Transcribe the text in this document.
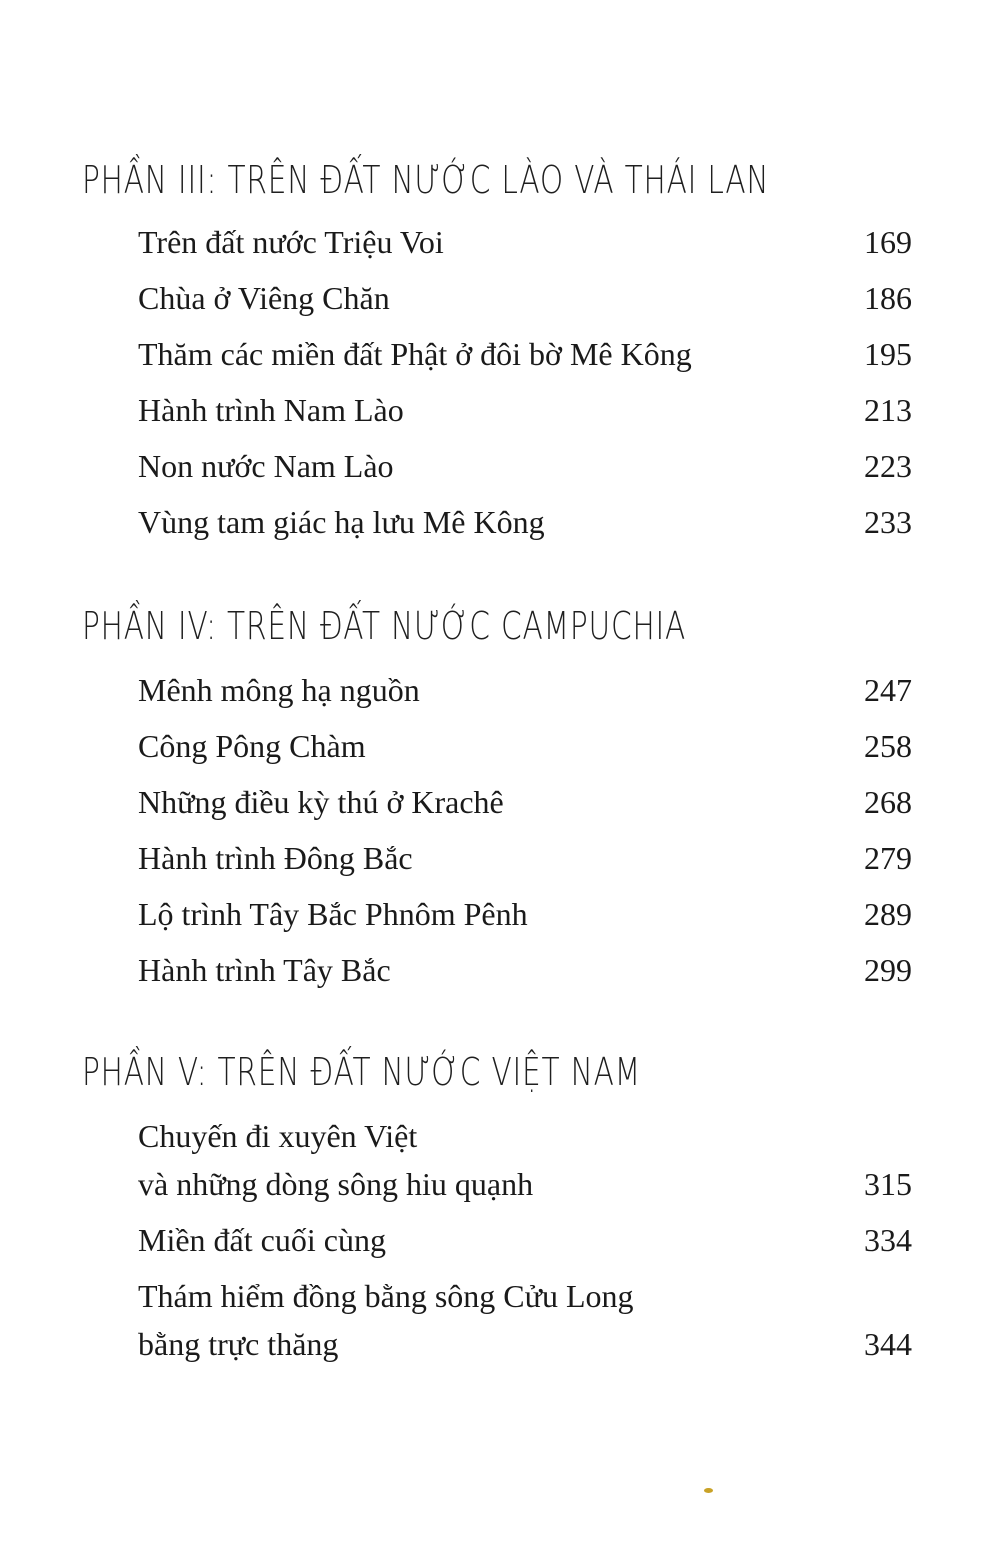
PHẦN III: TRÊN ĐẤT NƯỚC LÀO VÀ THÁI LAN
Trên đất nước Triệu Voi	169
Chùa ở Viêng Chăn	186
Thăm các miền đất Phật ở đôi bờ Mê Kông	195
Hành trình Nam Lào	213
Non nước Nam Lào	223
Vùng tam giác hạ lưu Mê Kông	233
PHẦN IV: TRÊN ĐẤT NƯỚC CAMPUCHIA
Mênh mông hạ nguồn	247
Công Pông Chàm	258
Những điều kỳ thú ở Krachê	268
Hành trình Đông Bắc	279
Lộ trình Tây Bắc Phnôm Pênh	289
Hành trình Tây Bắc	299
PHẦN V: TRÊN ĐẤT NƯỚC VIỆT NAM
Chuyến đi xuyên Việt
và những dòng sông hiu quạnh	315
Miền đất cuối cùng	334
Thám hiểm đồng bằng sông Cửu Long
bằng trực thăng	344
